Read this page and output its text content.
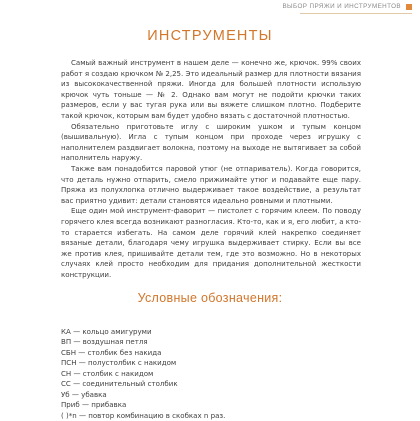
ВЫБОР ПРЯЖИ И ИНСТРУМЕНТОВ
ИНСТРУМЕНТЫ

Самый важный инструмент в нашем деле — конечно же, крючок. 99% своих работ я создаю крючком № 2,25. Это идеальный размер для плотности вязания из высококачественной пряжи. Иногда для большей плотности использую крючок чуть тоньше — № 2. Однако вам могут не подойти крючки таких размеров, если у вас тугая рука или вы вяжете слишком плотно. Подберите такой крючок, которым вам будет удобно вязать с достаточной плотностью.

Обязательно приготовьте иглу с широким ушком и тупым концом (вышивальную). Игла с тупым концом при проходе через игрушку с наполнителем раздвигает волокна, поэтому на выходе не вытягивает за собой наполнитель наружу.

Также вам понадобится паровой утюг (не отпариватель). Когда говорится, что деталь нужно отпарить, смело прижимайте утюг и подавайте еще пару. Пряжа из полухлопка отлично выдерживает такое воздействие, а результат вас приятно удивит: детали становятся идеально ровными и плотными.

Еще один мой инструмент-фаворит — пистолет с горячим клеем. По поводу горячего клея всегда возникают разногласия. Кто-то, как и я, его любит, а кто-то старается избегать. На самом деле горячий клей накрепко соединяет вязаные детали, благодаря чему игрушка выдерживает стирку. Если вы все же против клея, пришивайте детали тем, где это возможно. Но в некоторых случаях клей просто необходим для придания дополнительной жесткости конструкции.

Условные обозначения:
КА — кольцо амигуруми
ВП — воздушная петля
СБН — столбик без накида
ПСН — полустолбик с накидом
СН — столбик с накидом
СС — соединительный столбик
Уб — убавка
Приб — прибавка
( )*n — повтор комбинацию в скобках n раз.
